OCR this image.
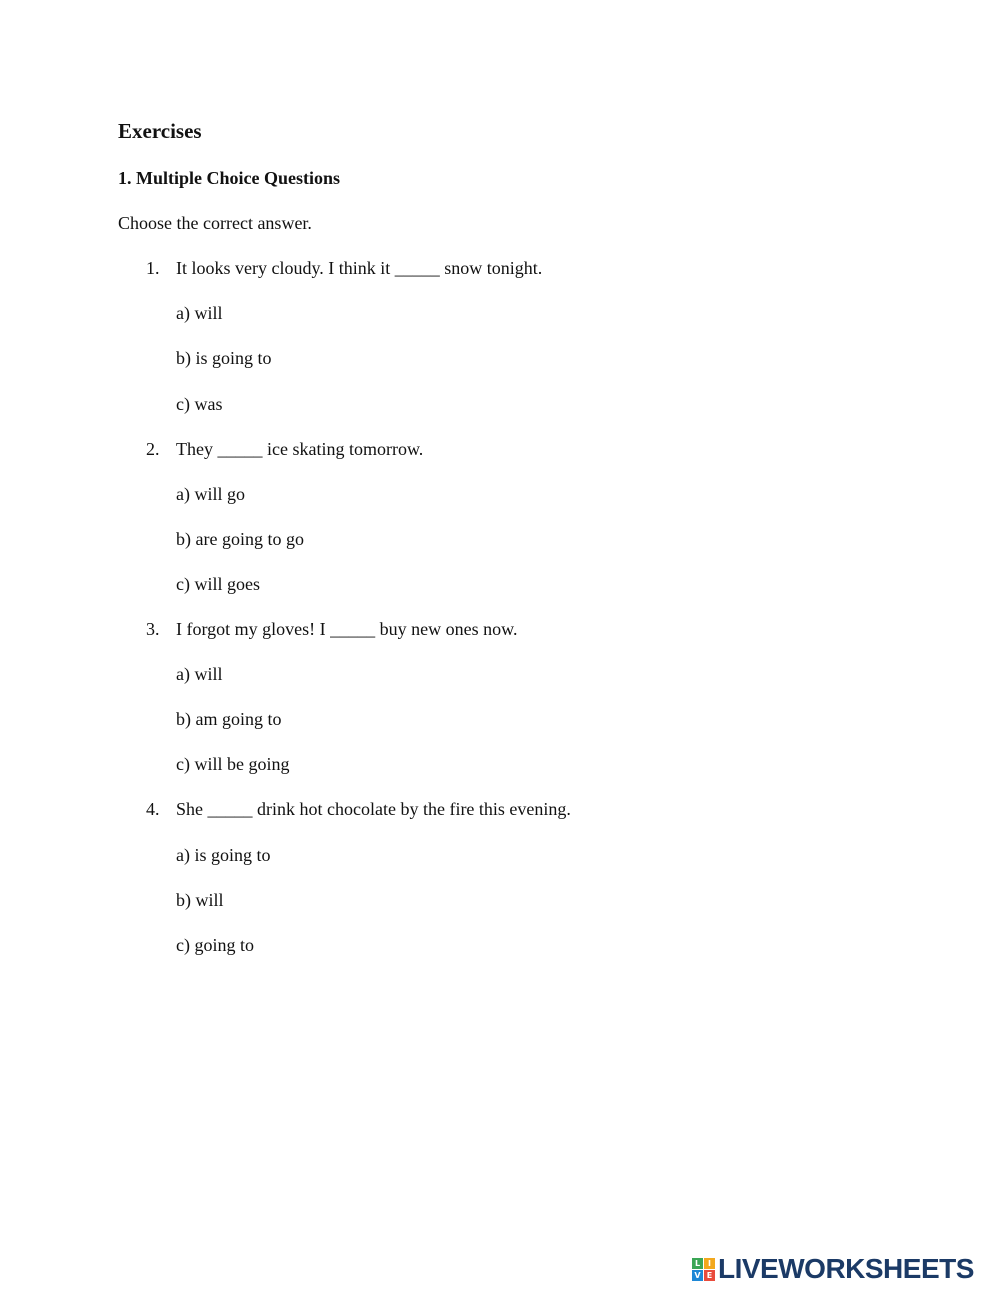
Exercises
1. Multiple Choice Questions
Choose the correct answer.
1. It looks very cloudy. I think it _____ snow tonight.
a) will
b) is going to
c) was
2. They _____ ice skating tomorrow.
a) will go
b) are going to go
c) will goes
3. I forgot my gloves! I _____ buy new ones now.
a) will
b) am going to
c) will be going
4. She _____ drink hot chocolate by the fire this evening.
a) is going to
b) will
c) going to
L I
V E LIVEWORKSHEETS
